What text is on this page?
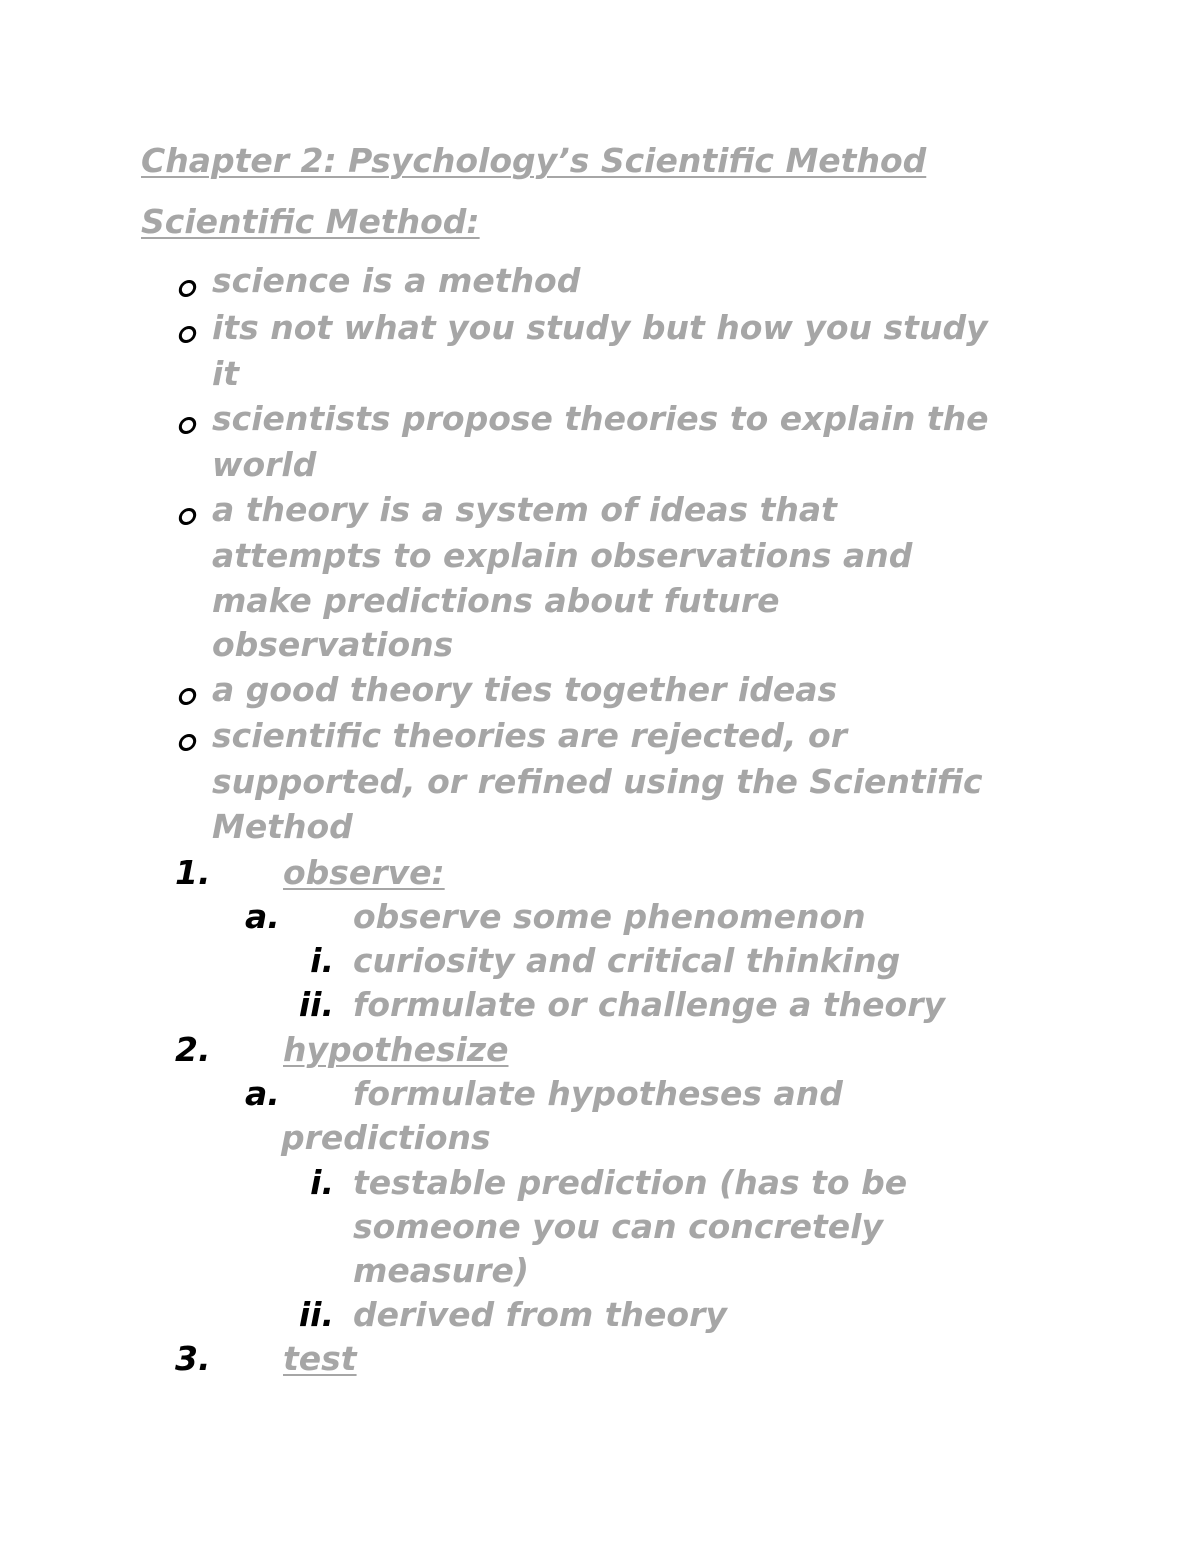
Chapter 2: Psychology’s Scientific Method
Scientific Method:
science is a method
its not what you study but how you study
it
scientists propose theories to explain the
world
a theory is a system of ideas that
attempts to explain observations and
make predictions about future
observations
a good theory ties together ideas
scientific theories are rejected, or
supported, or refined using the Scientific
Method
1. observe:
a. observe some phenomenon
i. curiosity and critical thinking
ii. formulate or challenge a theory
2. hypothesize
a. formulate hypotheses and
predictions
i. testable prediction (has to be
someone you can concretely
measure)
ii. derived from theory
3. test
